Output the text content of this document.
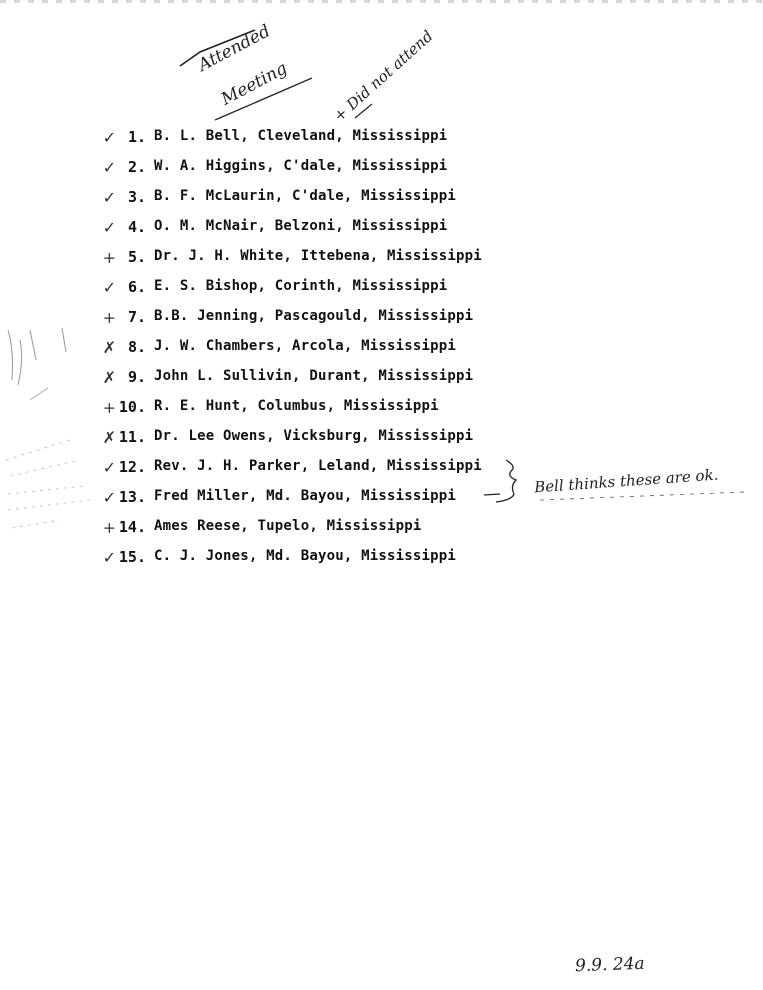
Attended
Meeting	+ Did not attend
Bell thinks these are ok.
9.9. 24a
✓ 1. B. L. Bell, Cleveland, Mississippi
✓ 2. W. A. Higgins, C'dale, Mississippi
✓ 3. B. F. McLaurin, C'dale, Mississippi
✓ 4. O. M. McNair, Belzoni, Mississippi
+ 5. Dr. J. H. White, Ittebena, Mississippi
✓ 6. E. S. Bishop, Corinth, Mississippi
+ 7. B.B. Jenning, Pascagould, Mississippi
✗ 8. J. W. Chambers, Arcola, Mississippi
✗ 9. John L. Sullivin, Durant, Mississippi
+ 10. R. E. Hunt, Columbus, Mississippi
✗ 11. Dr. Lee Owens, Vicksburg, Mississippi
✓ 12. Rev. J. H. Parker, Leland, Mississippi
✓ 13. Fred Miller, Md. Bayou, Mississippi
+ 14. Ames Reese, Tupelo, Mississippi
✓ 15. C. J. Jones, Md. Bayou, Mississippi
